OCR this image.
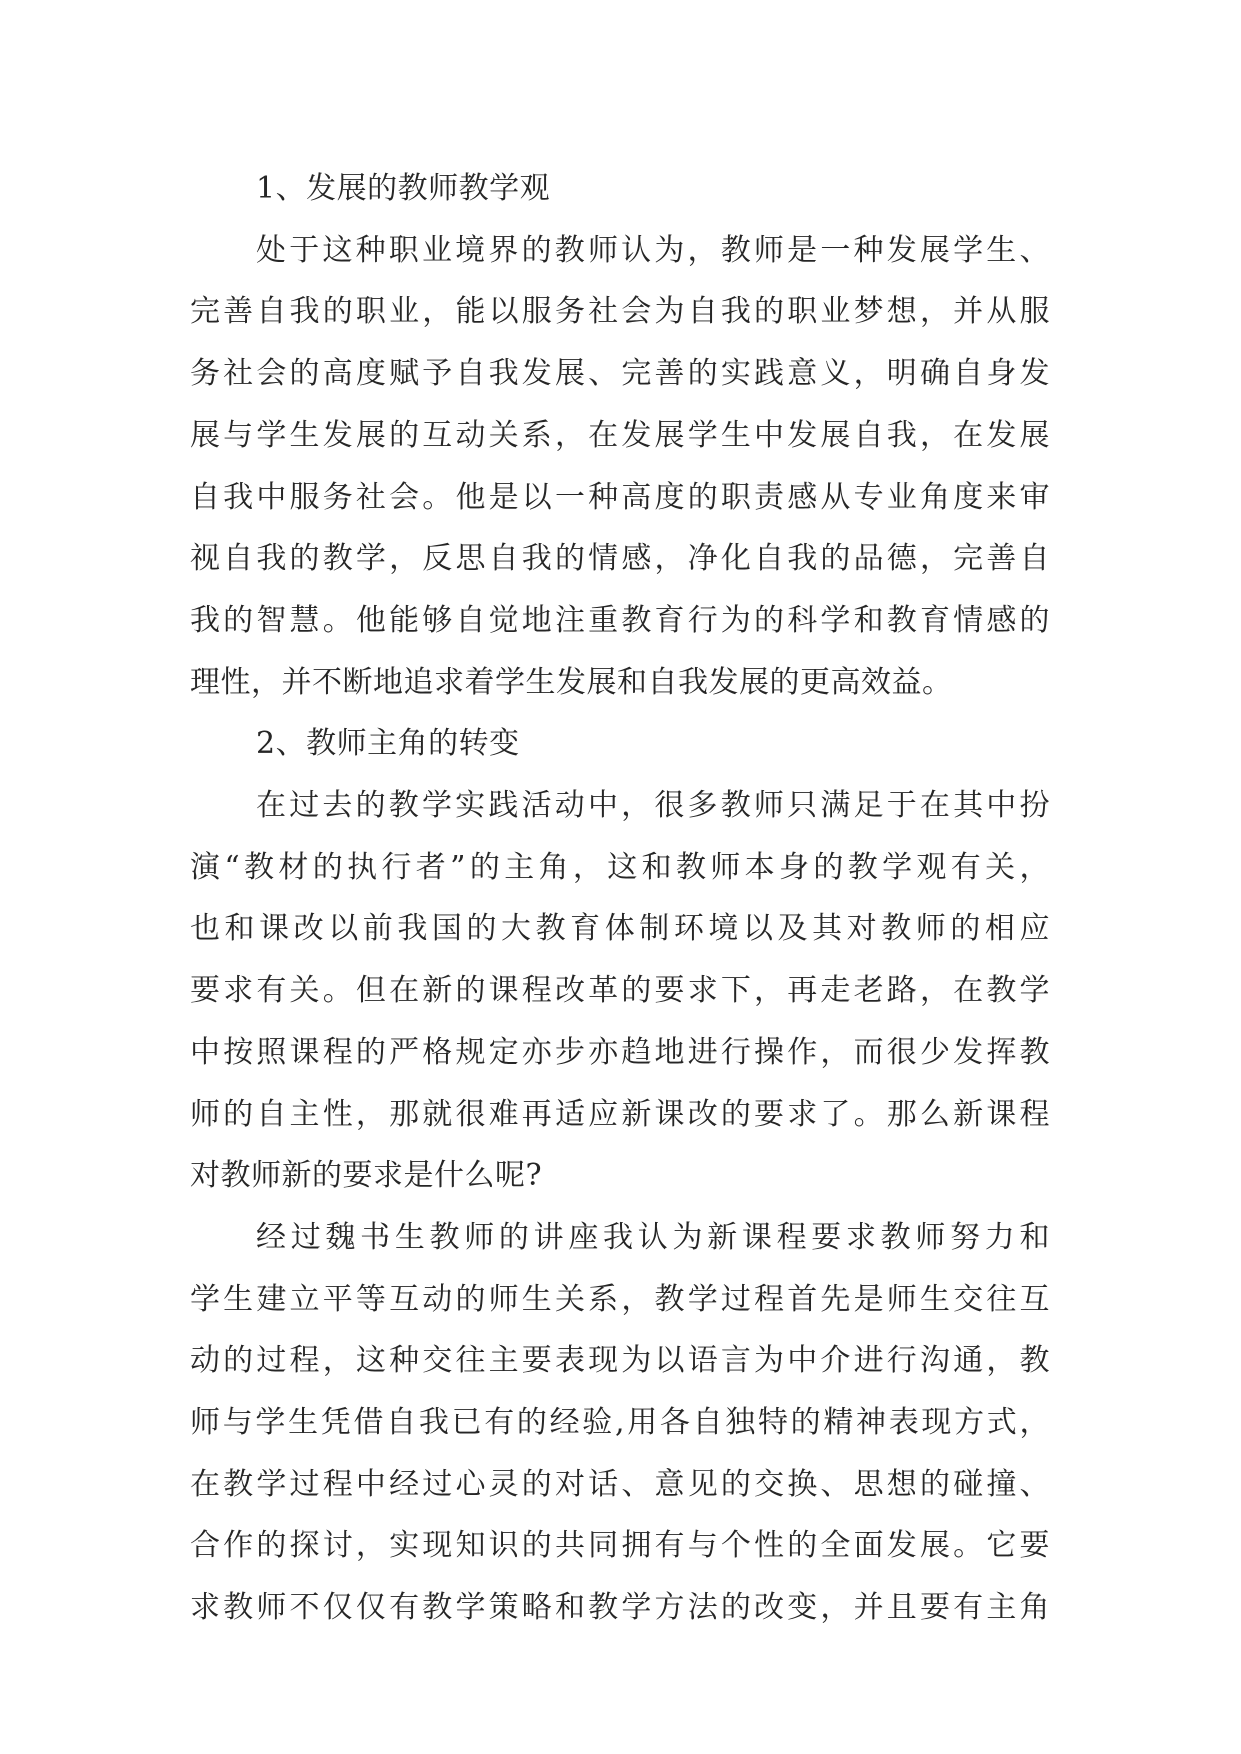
1、发展的教师教学观
处于这种职业境界的教师认为，教师是一种发展学生、
完善自我的职业，能以服务社会为自我的职业梦想，并从服
务社会的高度赋予自我发展、完善的实践意义，明确自身发
展与学生发展的互动关系，在发展学生中发展自我，在发展
自我中服务社会。他是以一种高度的职责感从专业角度来审
视自我的教学，反思自我的情感，净化自我的品德，完善自
我的智慧。他能够自觉地注重教育行为的科学和教育情感的
理性，并不断地追求着学生发展和自我发展的更高效益。
2、教师主角的转变
在过去的教学实践活动中，很多教师只满足于在其中扮
演“教材的执行者”的主角，这和教师本身的教学观有关，
也和课改以前我国的大教育体制环境以及其对教师的相应
要求有关。但在新的课程改革的要求下，再走老路，在教学
中按照课程的严格规定亦步亦趋地进行操作，而很少发挥教
师的自主性，那就很难再适应新课改的要求了。那么新课程
对教师新的要求是什么呢?
经过魏书生教师的讲座我认为新课程要求教师努力和
学生建立平等互动的师生关系，教学过程首先是师生交往互
动的过程，这种交往主要表现为以语言为中介进行沟通，教
师与学生凭借自我已有的经验,用各自独特的精神表现方式，
在教学过程中经过心灵的对话、意见的交换、思想的碰撞、
合作的探讨，实现知识的共同拥有与个性的全面发展。它要
求教师不仅仅有教学策略和教学方法的改变，并且要有主角
